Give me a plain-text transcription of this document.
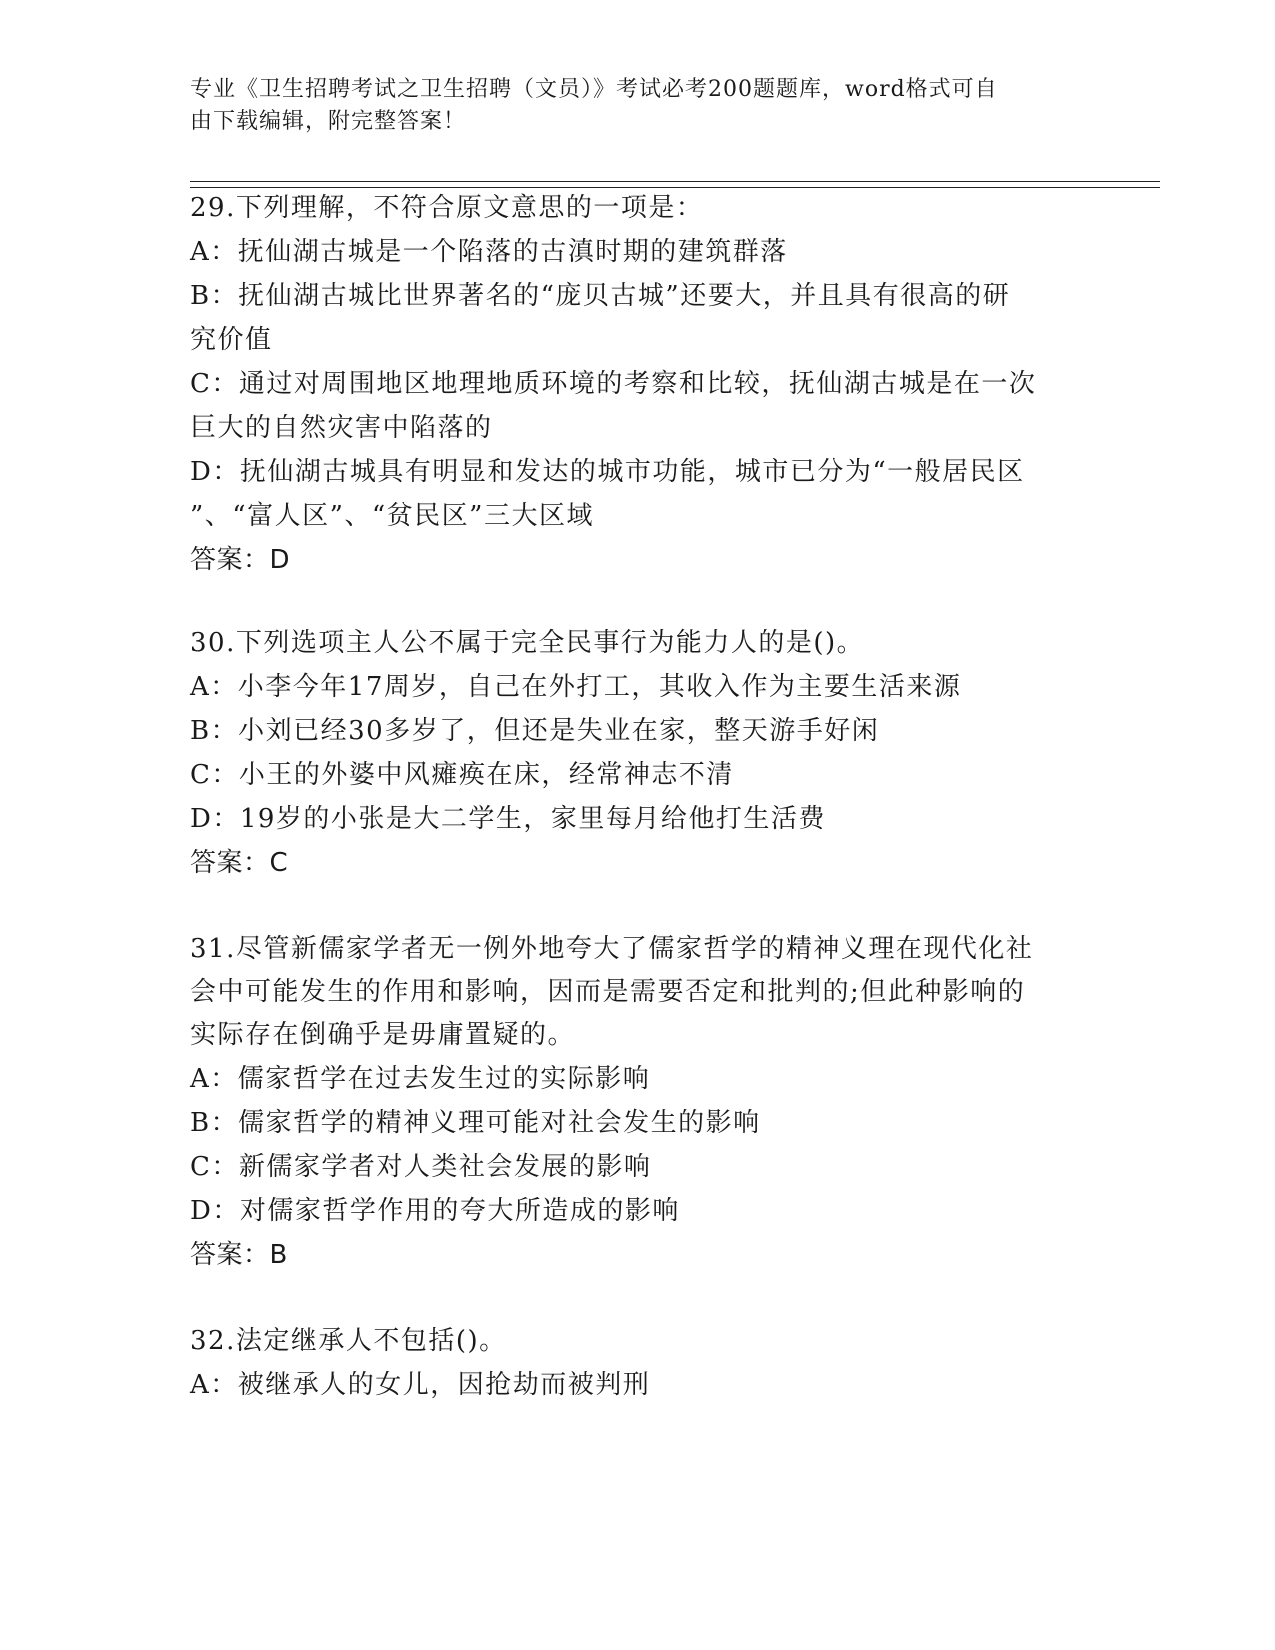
专业《卫生招聘考试之卫生招聘（文员）》考试必考200题题库，word格式可自
由下载编辑，附完整答案！
29.下列理解，不符合原文意思的一项是：
A：抚仙湖古城是一个陷落的古滇时期的建筑群落
B：抚仙湖古城比世界著名的“庞贝古城”还要大，并且具有很高的研
究价值
C：通过对周围地区地理地质环境的考察和比较，抚仙湖古城是在一次
巨大的自然灾害中陷落的
D：抚仙湖古城具有明显和发达的城市功能，城市已分为“一般居民区
”、“富人区”、“贫民区”三大区域
答案：D
30.下列选项主人公不属于完全民事行为能力人的是()。
A：小李今年17周岁，自己在外打工，其收入作为主要生活来源
B：小刘已经30多岁了，但还是失业在家，整天游手好闲
C：小王的外婆中风瘫痪在床，经常神志不清
D：19岁的小张是大二学生，家里每月给他打生活费
答案：C
31.尽管新儒家学者无一例外地夸大了儒家哲学的精神义理在现代化社
会中可能发生的作用和影响，因而是需要否定和批判的;但此种影响的
实际存在倒确乎是毋庸置疑的。
A：儒家哲学在过去发生过的实际影响
B：儒家哲学的精神义理可能对社会发生的影响
C：新儒家学者对人类社会发展的影响
D：对儒家哲学作用的夸大所造成的影响
答案：B
32.法定继承人不包括()。
A：被继承人的女儿，因抢劫而被判刑
